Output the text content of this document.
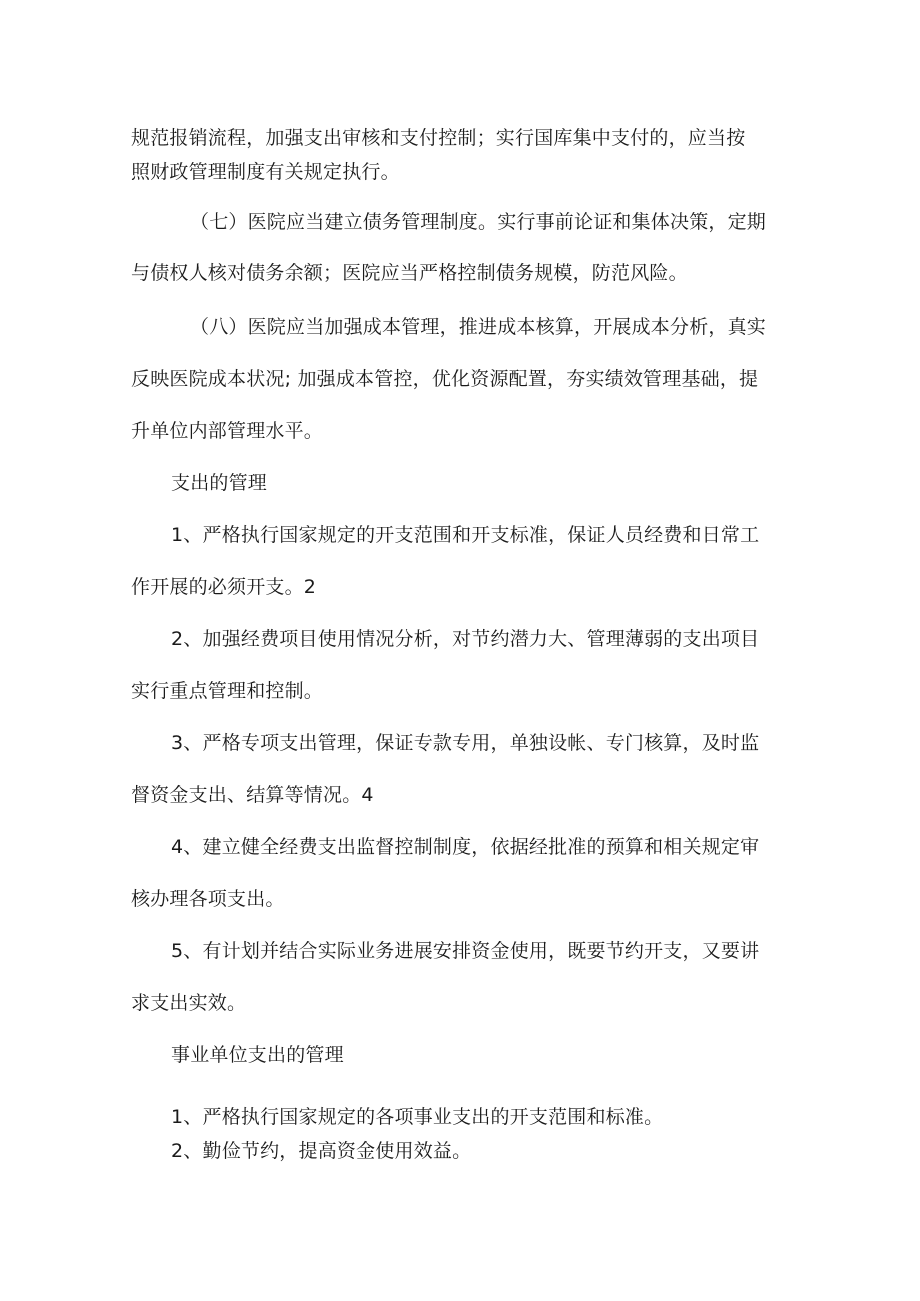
规范报销流程，加强支出审核和支付控制；实行国库集中支付的，应当按
照财政管理制度有关规定执行。
（七）医院应当建立债务管理制度。实行事前论证和集体决策，定期
与债权人核对债务余额；医院应当严格控制债务规模，防范风险。
（八）医院应当加强成本管理，推进成本核算，开展成本分析，真实
反映医院成本状况; 加强成本管控，优化资源配置，夯实绩效管理基础，提
升单位内部管理水平。
支出的管理
1、严格执行国家规定的开支范围和开支标准，保证人员经费和日常工
作开展的必须开支。2
2、加强经费项目使用情况分析，对节约潜力大、管理薄弱的支出项目
实行重点管理和控制。
3、严格专项支出管理，保证专款专用，单独设帐、专门核算，及时监
督资金支出、结算等情况。4
4、建立健全经费支出监督控制制度，依据经批准的预算和相关规定审
核办理各项支出。
5、有计划并结合实际业务进展安排资金使用，既要节约开支，又要讲
求支出实效。
事业单位支出的管理
1、严格执行国家规定的各项事业支出的开支范围和标准。
2、勤俭节约，提高资金使用效益。
